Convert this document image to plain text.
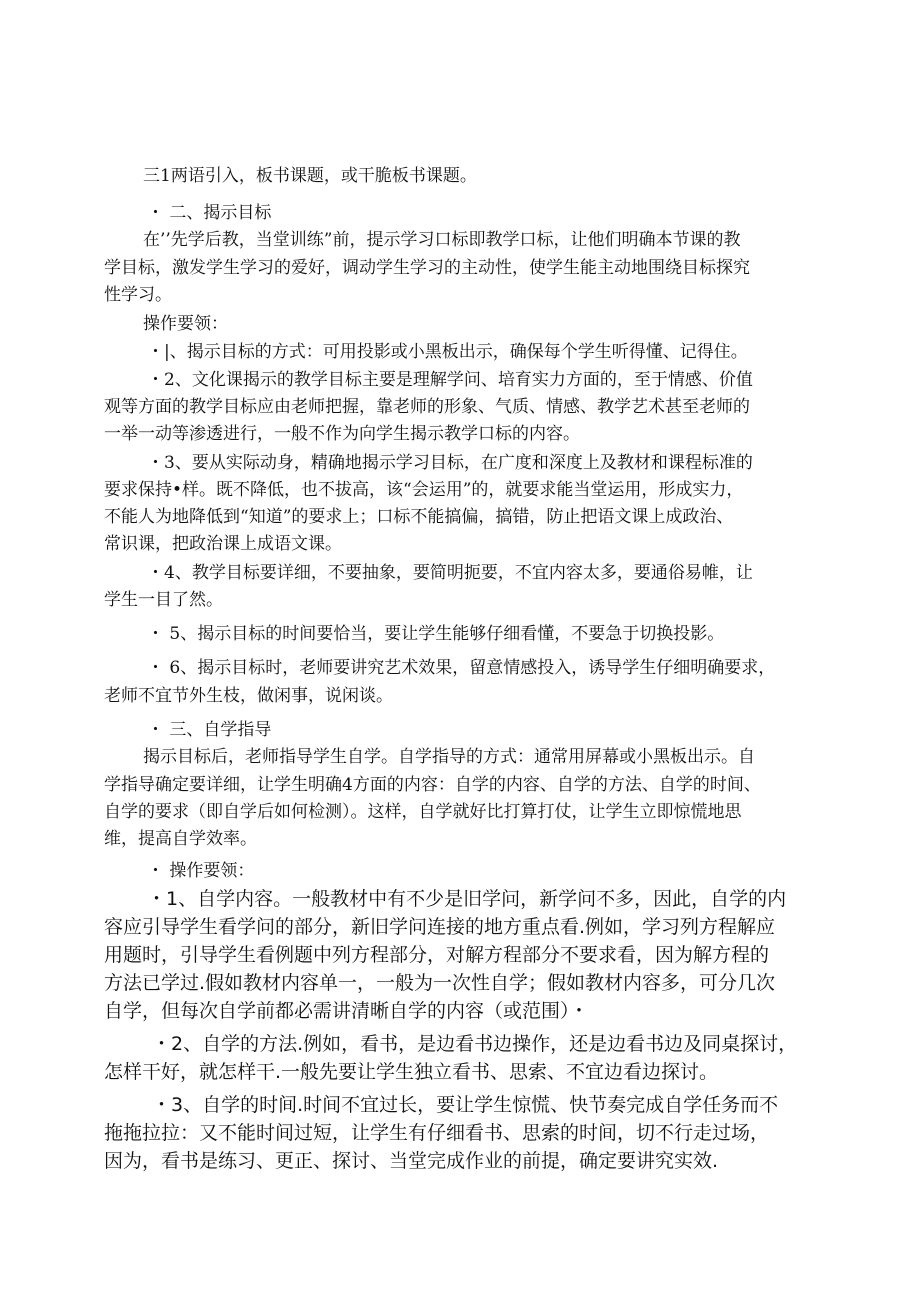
三1两语引入，板书课题，或干脆板书课题。
・ 二、揭示目标
在’’先学后教，当堂训练”前，提示学习口标即教学口标，让他们明确本节课的教
学目标，激发学生学习的爱好，调动学生学习的主动性，使学生能主动地围绕目标探究
性学习。
操作要领：
・|、揭示目标的方式：可用投影或小黑板出示，确保每个学生听得懂、记得住。
・2、文化课揭示的教学目标主要是理解学问、培育实力方面的，至于情感、价值
观等方面的教学目标应由老师把握，靠老师的形象、气质、情感、教学艺术甚至老师的
一举一动等渗透进行，一般不作为向学生揭示教学口标的内容。
・3、要从实际动身，精确地揭示学习目标，在广度和深度上及教材和课程标准的
要求保持•样。既不降低，也不拔高，该“会运用”的，就要求能当堂运用，形成实力，
不能人为地降低到“知道”的要求上；口标不能搞偏，搞错，防止把语文课上成政治、
常识课，把政治课上成语文课。
・4、教学目标要详细，不要抽象，要简明扼要，不宜内容太多，要通俗易帷，让
学生一目了然。
・ 5、揭示目标的时间要恰当，要让学生能够仔细看懂，不要急于切换投影。
・ 6、揭示目标时，老师要讲究艺术效果，留意情感投入，诱导学生仔细明确要求，
老师不宜节外生枝，做闲事，说闲谈。
・ 三、自学指导
揭示目标后，老师指导学生自学。自学指导的方式：通常用屏幕或小黑板出示。自
学指导确定要详细，让学生明确4方面的内容：自学的内容、自学的方法、自学的时间、
自学的要求（即自学后如何检测）。这样，自学就好比打算打仗，让学生立即惊慌地思
维，提高自学效率。
・ 操作要领：
・1、自学内容。一般教材中有不少是旧学问，新学问不多，因此，自学的内
容应引导学生看学问的部分，新旧学问连接的地方重点看.例如，学习列方程解应
用题时，引导学生看例题中列方程部分，对解方程部分不要求看，因为解方程的
方法已学过.假如教材内容单一，一般为一次性自学；假如教材内容多，可分几次
自学，但每次自学前都必需讲清晰自学的内容（或范围）・
・2、自学的方法.例如，看书，是边看书边操作，还是边看书边及同桌探讨，
怎样干好，就怎样干.一般先要让学生独立看书、思索、不宜边看边探讨。
・3、自学的时间.时间不宜过长，要让学生惊慌、快节奏完成自学任务而不
拖拖拉拉：又不能时间过短，让学生有仔细看书、思索的时间，切不行走过场，
因为，看书是练习、更正、探讨、当堂完成作业的前提，确定要讲究实效.
